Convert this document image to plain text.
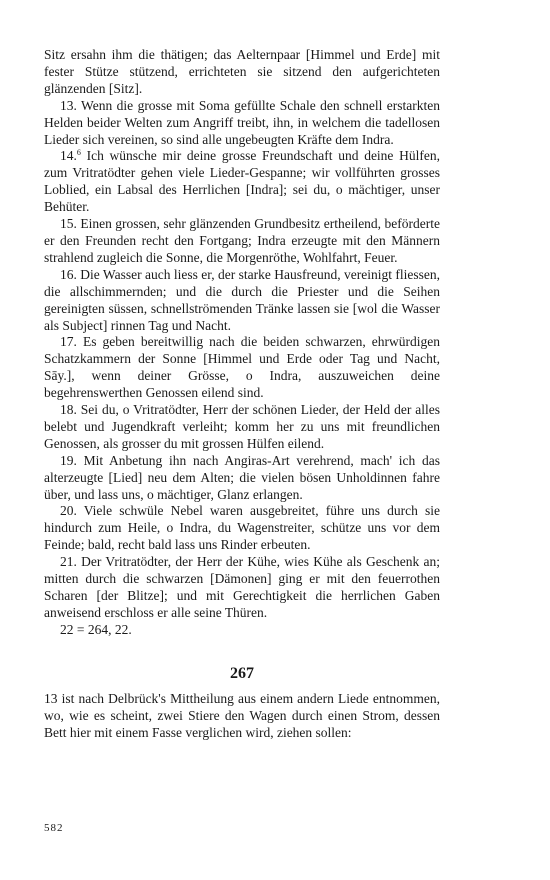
Sitz ersahn ihm die thätigen; das Aelternpaar [Himmel und Erde] mit fester Stütze stützend, errichteten sie sitzend den aufgerichteten glänzenden [Sitz].

13. Wenn die grosse mit Soma gefüllte Schale den schnell erstarkten Helden beider Welten zum Angriff treibt, ihn, in welchem die tadellosen Lieder sich vereinen, so sind alle ungebeugten Kräfte dem Indra.

14.$^6$ Ich wünsche mir deine grosse Freundschaft und deine Hülfen, zum Vritratödter gehen viele Lieder-Gespanne; wir vollführten grosses Loblied, ein Labsal des Herrlichen [Indra]; sei du, o mächtiger, unser Behüter.

15. Einen grossen, sehr glänzenden Grundbesitz ertheilend, beförderte er den Freunden recht den Fortgang; Indra erzeugte mit den Männern strahlend zugleich die Sonne, die Morgenröthe, Wohlfahrt, Feuer.

16. Die Wasser auch liess er, der starke Hausfreund, vereinigt fliessen, die allschimmernden; und die durch die Priester und die Seihen gereinigten süssen, schnellströmenden Tränke lassen sie [wol die Wasser als Subject] rinnen Tag und Nacht.

17. Es geben bereitwillig nach die beiden schwarzen, ehrwürdigen Schatzkammern der Sonne [Himmel und Erde oder Tag und Nacht, Sāy.], wenn deiner Grösse, o Indra, auszuweichen deine begehrenswerthen Genossen eilend sind.

18. Sei du, o Vritratödter, Herr der schönen Lieder, der Held der alles belebt und Jugendkraft verleiht; komm her zu uns mit freundlichen Genossen, als grosser du mit grossen Hülfen eilend.

19. Mit Anbetung ihn nach Angiras-Art verehrend, mach' ich das alterzeugte [Lied] neu dem Alten; die vielen bösen Unholdinnen fahre über, und lass uns, o mächtiger, Glanz erlangen.

20. Viele schwüle Nebel waren ausgebreitet, führe uns durch sie hindurch zum Heile, o Indra, du Wagenstreiter, schütze uns vor dem Feinde; bald, recht bald lass uns Rinder erbeuten.

21. Der Vritratödter, der Herr der Kühe, wies Kühe als Geschenk an; mitten durch die schwarzen [Dämonen] ging er mit den feuerrothen Scharen [der Blitze]; und mit Gerechtigkeit die herrlichen Gaben anweisend erschloss er alle seine Thüren.

22 = 264, 22.

267

13 ist nach Delbrück's Mittheilung aus einem andern Liede entnommen, wo, wie es scheint, zwei Stiere den Wagen durch einen Strom, dessen Bett hier mit einem Fasse verglichen wird, ziehen sollen:

582
